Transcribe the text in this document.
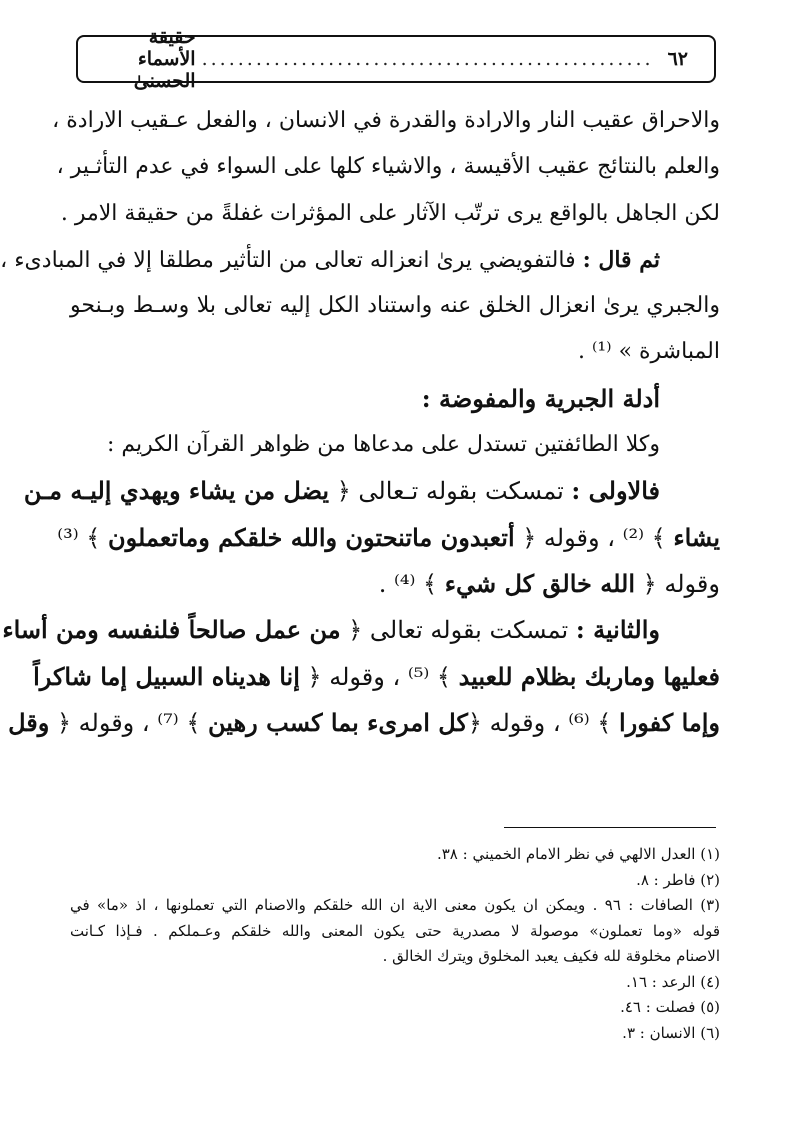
٦٢
..................................................
حقيقة الأسماء الحسنىٰ
والاحراق عقيب النار والارادة والقدرة في الانسان ، والفعل عـقيب الارادة ،
والعلم بالنتائج عقيب الأقيسة ، والاشياء كلها على السواء في عدم التأثـير ،
لكن الجاهل بالواقع يرى ترتّب الآثار على المؤثرات غفلةً من حقيقة الامر .
ثم قال : فالتفويضي يرىٰ انعزاله تعالى من التأثير مطلقا إلا في المبادىء ،
والجبري يرىٰ انعزال الخلق عنه واستناد الكل إليه تعالى بلا وسـط وبـنحو
المباشرة » ⁽¹⁾ .
أدلة الجبرية والمفوضة :
وكلا الطائفتين تستدل على مدعاها من ظواهر القرآن الكريم :
فالاولى : تمسكت بقوله تـعالى ﴿ يضل من يشاء ويهدي إليـه مـن
يشاء ﴾ ⁽²⁾ ، وقوله ﴿ أتعبدون ماتنحتون والله خلقكم وماتعملون ﴾ ⁽³⁾
وقوله ﴿ الله خالق كل شيء ﴾ ⁽⁴⁾ .
والثانية : تمسكت بقوله تعالى ﴿ من عمل صالحاً فلنفسه ومن أساء
فعليها وماربك بظلام للعبيد ﴾ ⁽⁵⁾ ، وقوله ﴿ إنا هديناه السبيل إما شاكراً
وإما كفورا ﴾ ⁽⁶⁾ ، وقوله ﴿كل امرىء بما كسب رهين ﴾ ⁽⁷⁾ ، وقوله ﴿ وقل
(١) العدل الالهي في نظر الامام الخميني : ٣٨.
(٢) فاطر : ٨.
(٣) الصافات : ٩٦ . ويمكن ان يكون معنى الاية ان الله خلقكم والاصنام التي تعملونها ، اذ «ما» في
قوله «وما تعملون» موصولة لا مصدرية حتى يكون المعنى والله خلقكم وعـملكم . فـإذا كـانت
الاصنام مخلوقة لله فكيف يعبد المخلوق ويترك الخالق .
(٤) الرعد : ١٦.
(٥) فصلت : ٤٦.
(٦) الانسان : ٣.
